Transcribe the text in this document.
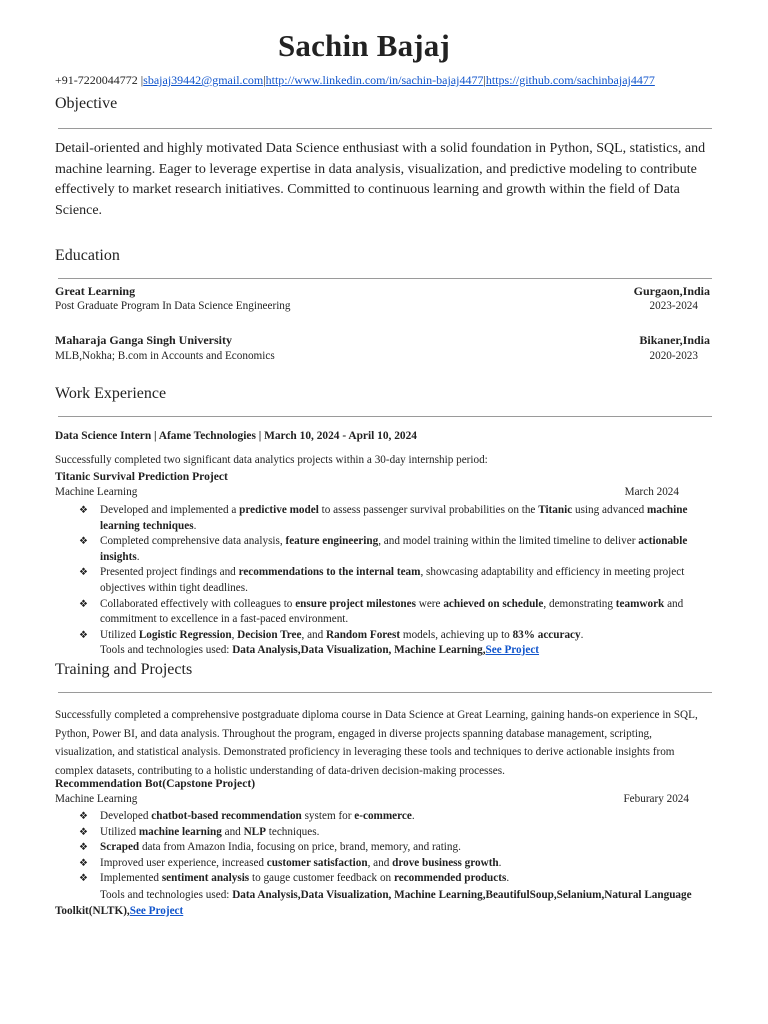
Sachin Bajaj
+91-7220044772 |sbajaj39442@gmail.com|http://www.linkedin.com/in/sachin-bajaj4477|https://github.com/sachinbajaj4477
Objective
Detail-oriented and highly motivated Data Science enthusiast with a solid foundation in Python, SQL, statistics, and machine learning. Eager to leverage expertise in data analysis, visualization, and predictive modeling to contribute effectively to market research initiatives. Committed to continuous learning and growth within the field of Data Science.
Education
Great Learning	Gurgaon,India
Post Graduate Program In Data Science Engineering	2023-2024
Maharaja Ganga Singh University	Bikaner,India
MLB,Nokha; B.com in Accounts and Economics	2020-2023
Work Experience
Data Science Intern | Afame Technologies | March 10, 2024 - April 10, 2024
Successfully completed two significant data analytics projects within a 30-day internship period:
Titanic Survival Prediction Project
Machine Learning	March 2024
❖ Developed and implemented a predictive model to assess passenger survival probabilities on the Titanic using advanced machine learning techniques.
❖ Completed comprehensive data analysis, feature engineering, and model training within the limited timeline to deliver actionable insights.
❖ Presented project findings and recommendations to the internal team, showcasing adaptability and efficiency in meeting project objectives within tight deadlines.
❖ Collaborated effectively with colleagues to ensure project milestones were achieved on schedule, demonstrating teamwork and commitment to excellence in a fast-paced environment.
❖ Utilized Logistic Regression, Decision Tree, and Random Forest models, achieving up to 83% accuracy.
Tools and technologies used: Data Analysis,Data Visualization, Machine Learning,See Project
Training and Projects
Successfully completed a comprehensive postgraduate diploma course in Data Science at Great Learning, gaining hands-on experience in SQL, Python, Power BI, and data analysis. Throughout the program, engaged in diverse projects spanning database management, scripting, visualization, and statistical analysis. Demonstrated proficiency in leveraging these tools and techniques to derive actionable insights from complex datasets, contributing to a holistic understanding of data-driven decision-making processes.
Recommendation Bot(Capstone Project)
Machine Learning	Feburary 2024
❖ Developed chatbot-based recommendation system for e-commerce.
❖ Utilized machine learning and NLP techniques.
❖ Scraped data from Amazon India, focusing on price, brand, memory, and rating.
❖ Improved user experience, increased customer satisfaction, and drove business growth.
❖ Implemented sentiment analysis to gauge customer feedback on recommended products.
Tools and technologies used: Data Analysis,Data Visualization, Machine Learning,BeautifulSoup,Selanium,Natural Language Toolkit(NLTK),See Project
